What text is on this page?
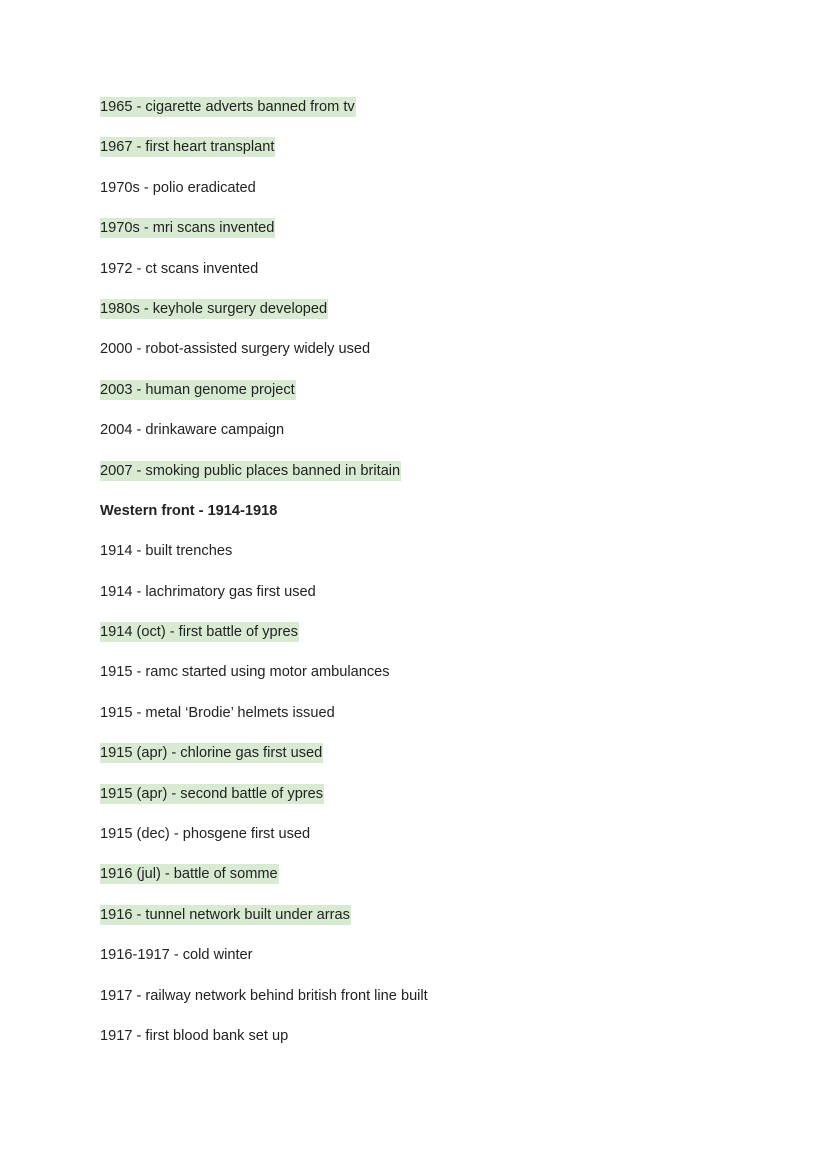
1965 - cigarette adverts banned from tv
1967 - first heart transplant
1970s - polio eradicated
1970s - mri scans invented
1972 - ct scans invented
1980s - keyhole surgery developed
2000 - robot-assisted surgery widely used
2003 - human genome project
2004 - drinkaware campaign
2007 - smoking public places banned in britain
Western front - 1914-1918
1914 - built trenches
1914 - lachrimatory gas first used
1914 (oct) - first battle of ypres
1915 - ramc started using motor ambulances
1915 - metal ‘Brodie’ helmets issued
1915 (apr) - chlorine gas first used
1915 (apr) - second battle of ypres
1915 (dec) - phosgene first used
1916 (jul) - battle of somme
1916 - tunnel network built under arras
1916-1917 - cold winter
1917 - railway network behind british front line built
1917 - first blood bank set up
